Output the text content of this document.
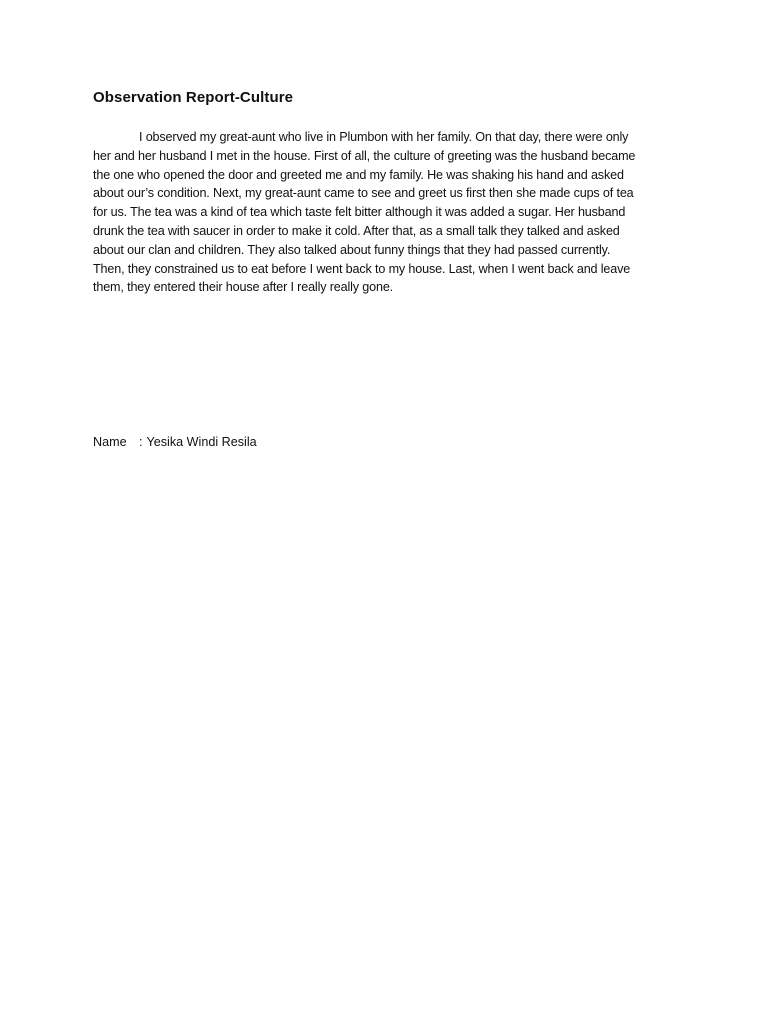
Observation Report-Culture
I observed my great-aunt who live in Plumbon with her family. On that day, there were only
her and her husband I met in the house. First of all, the culture of greeting was the husband became
the one who opened the door and greeted me and my family. He was shaking his hand and asked
about our’s condition. Next, my great-aunt came to see and greet us first then she made cups of tea
for us. The tea was a kind of tea which taste felt bitter although it was added a sugar. Her husband
drunk the tea with saucer in order to make it cold. After that, as a small talk they talked and asked
about our clan and children. They also talked about funny things that they had passed currently.
Then, they constrained us to eat before I went back to my house. Last, when I went back and leave
them, they entered their house after I really really gone.
Name : Yesika Windi Resila
